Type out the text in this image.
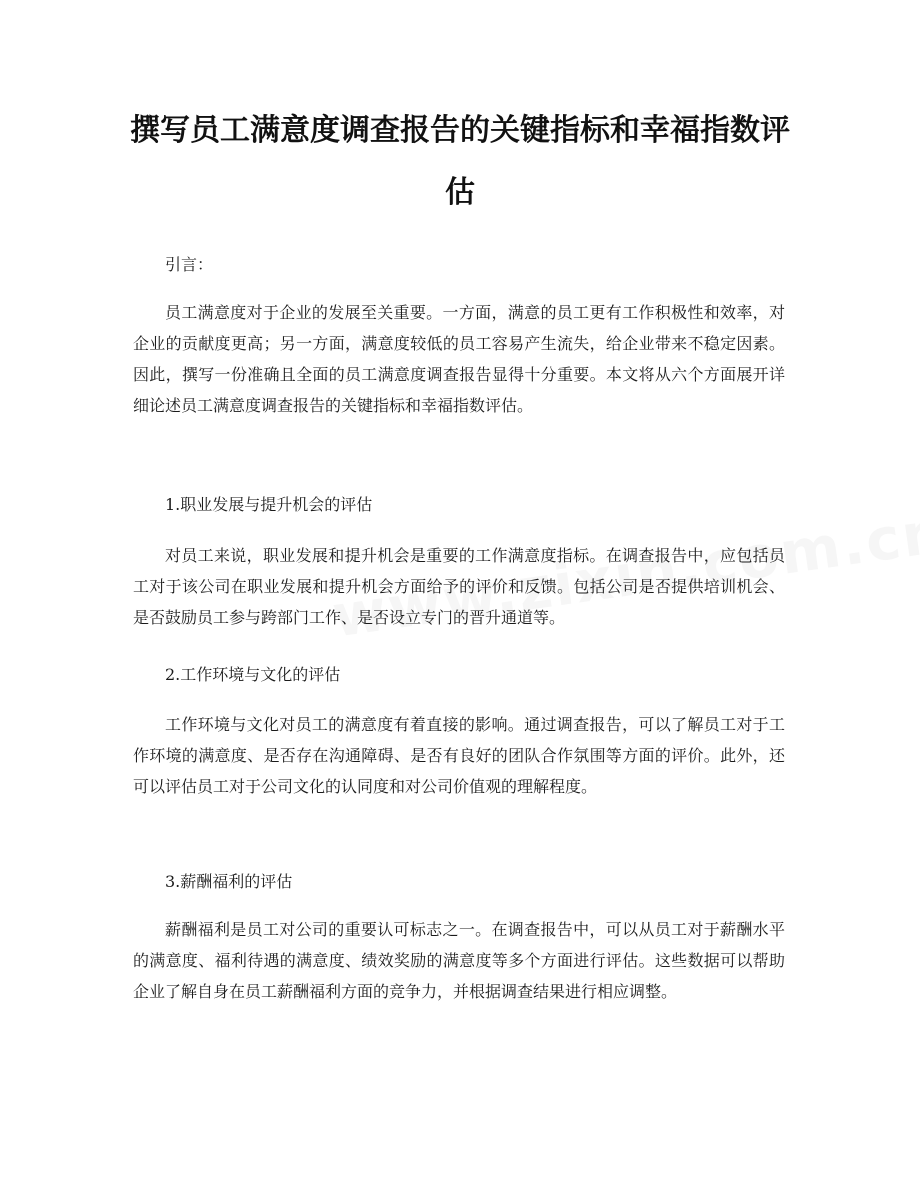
撰写员工满意度调查报告的关键指标和幸福指数评估

引言：

员工满意度对于企业的发展至关重要。一方面，满意的员工更有工作积极性和效率，对企业的贡献度更高；另一方面，满意度较低的员工容易产生流失，给企业带来不稳定因素。因此，撰写一份准确且全面的员工满意度调查报告显得十分重要。本文将从六个方面展开详细论述员工满意度调查报告的关键指标和幸福指数评估。

1.职业发展与提升机会的评估

对员工来说，职业发展和提升机会是重要的工作满意度指标。在调查报告中，应包括员工对于该公司在职业发展和提升机会方面给予的评价和反馈。包括公司是否提供培训机会、是否鼓励员工参与跨部门工作、是否设立专门的晋升通道等。

2.工作环境与文化的评估

工作环境与文化对员工的满意度有着直接的影响。通过调查报告，可以了解员工对于工作环境的满意度、是否存在沟通障碍、是否有良好的团队合作氛围等方面的评价。此外，还可以评估员工对于公司文化的认同度和对公司价值观的理解程度。

3.薪酬福利的评估

薪酬福利是员工对公司的重要认可标志之一。在调查报告中，可以从员工对于薪酬水平的满意度、福利待遇的满意度、绩效奖励的满意度等多个方面进行评估。这些数据可以帮助企业了解自身在员工薪酬福利方面的竞争力，并根据调查结果进行相应调整。
